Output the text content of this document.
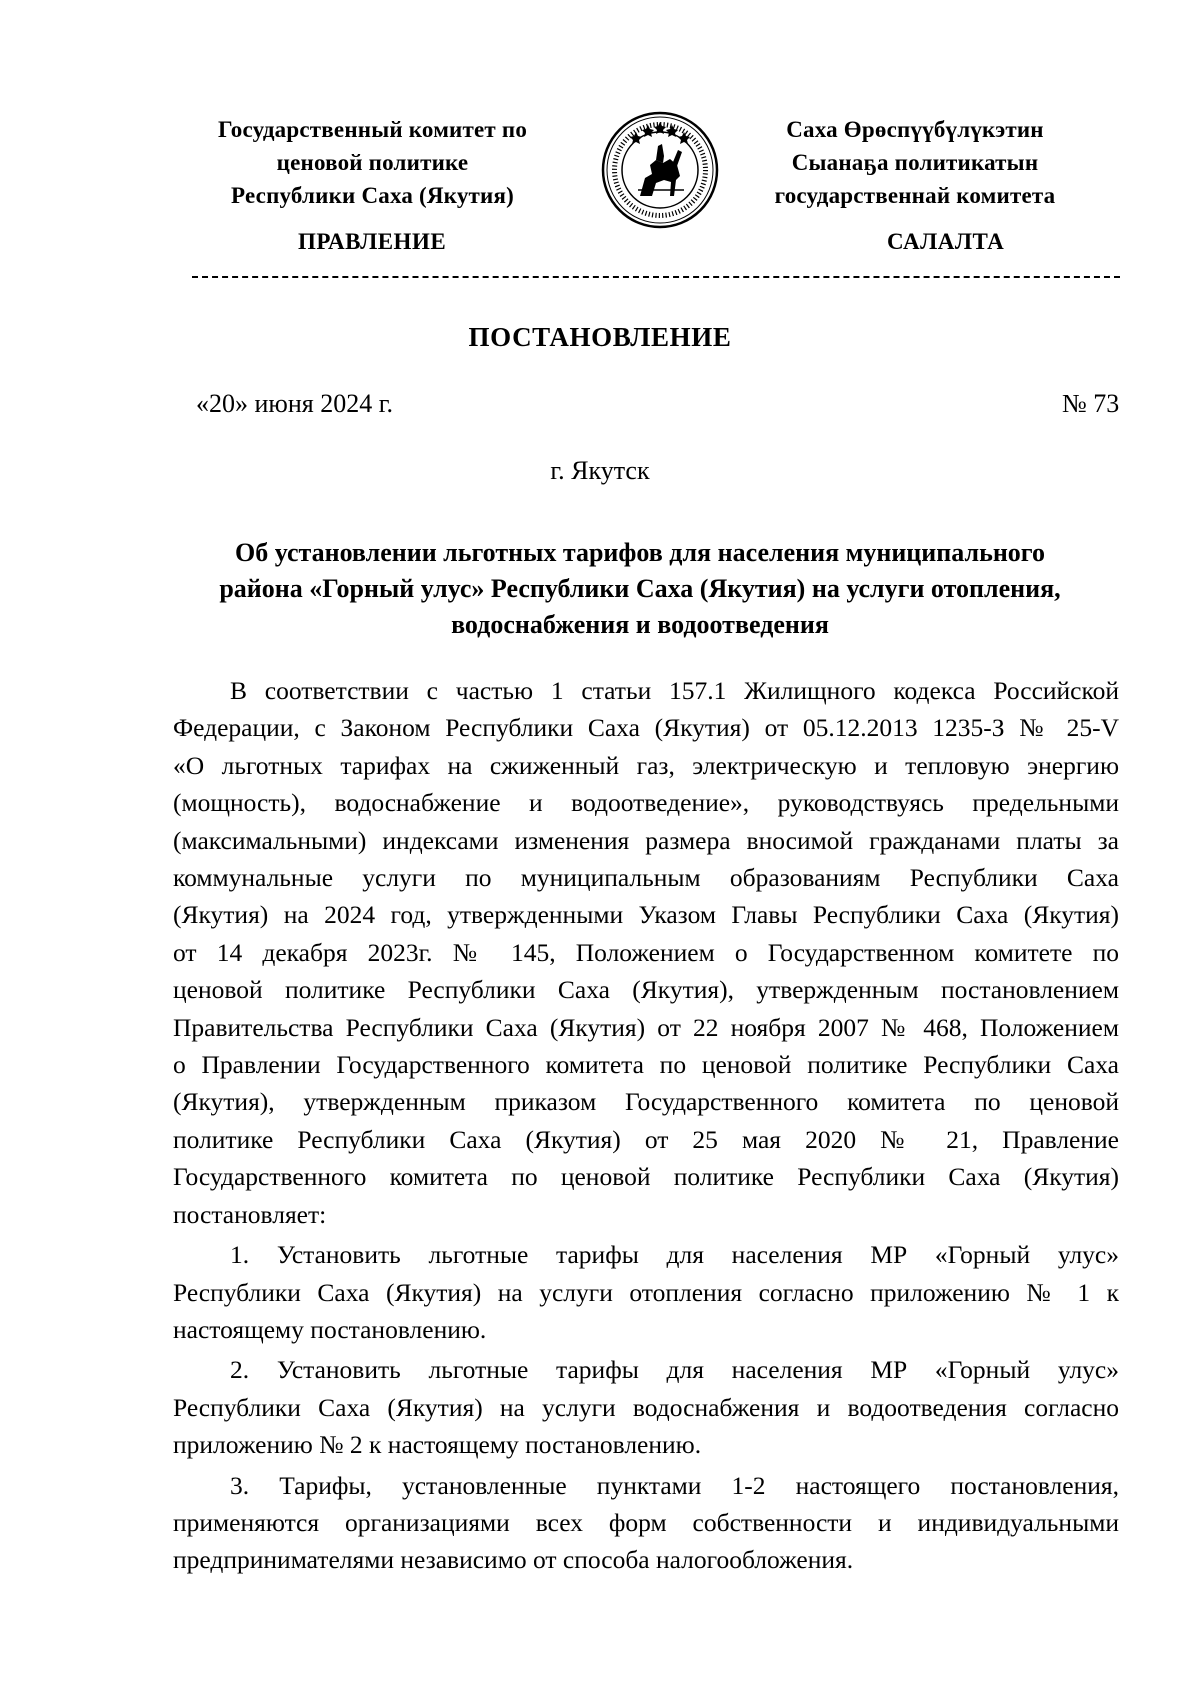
Государственный комитет по
ценовой политике
Республики Саха (Якутия)
Саха Өрөспүүбүлүкэтин
Сыанаҕа политикатын
государственнай комитета
ПРАВЛЕНИЕ	САЛАЛТА
ПОСТАНОВЛЕНИЕ
«20» июня 2024 г.	№ 73
г. Якутск
Об установлении льготных тарифов для населения муниципального
района «Горный улус» Республики Саха (Якутия) на услуги отопления,
водоснабжения и водоотведения
В соответствии с частью 1 статьи 157.1 Жилищного кодекса Российской
Федерации, с Законом Республики Саха (Якутия) от 05.12.2013 1235-З № 25-V
«О льготных тарифах на сжиженный газ, электрическую и тепловую энергию
(мощность), водоснабжение и водоотведение», руководствуясь предельными
(максимальными) индексами изменения размера вносимой гражданами платы за
коммунальные услуги по муниципальным образованиям Республики Саха
(Якутия) на 2024 год, утвержденными Указом Главы Республики Саха (Якутия)
от 14 декабря 2023г. № 145, Положением о Государственном комитете по
ценовой политике Республики Саха (Якутия), утвержденным постановлением
Правительства Республики Саха (Якутия) от 22 ноября 2007 № 468, Положением
о Правлении Государственного комитета по ценовой политике Республики Саха
(Якутия), утвержденным приказом Государственного комитета по ценовой
политике Республики Саха (Якутия) от 25 мая 2020 № 21, Правление
Государственного комитета по ценовой политике Республики Саха (Якутия)
постановляет:
1. Установить льготные тарифы для населения МР «Горный улус»
Республики Саха (Якутия) на услуги отопления согласно приложению № 1 к
настоящему постановлению.
2. Установить льготные тарифы для населения МР «Горный улус»
Республики Саха (Якутия) на услуги водоснабжения и водоотведения согласно
приложению № 2 к настоящему постановлению.
3. Тарифы, установленные пунктами 1-2 настоящего постановления,
применяются организациями всех форм собственности и индивидуальными
предпринимателями независимо от способа налогообложения.
